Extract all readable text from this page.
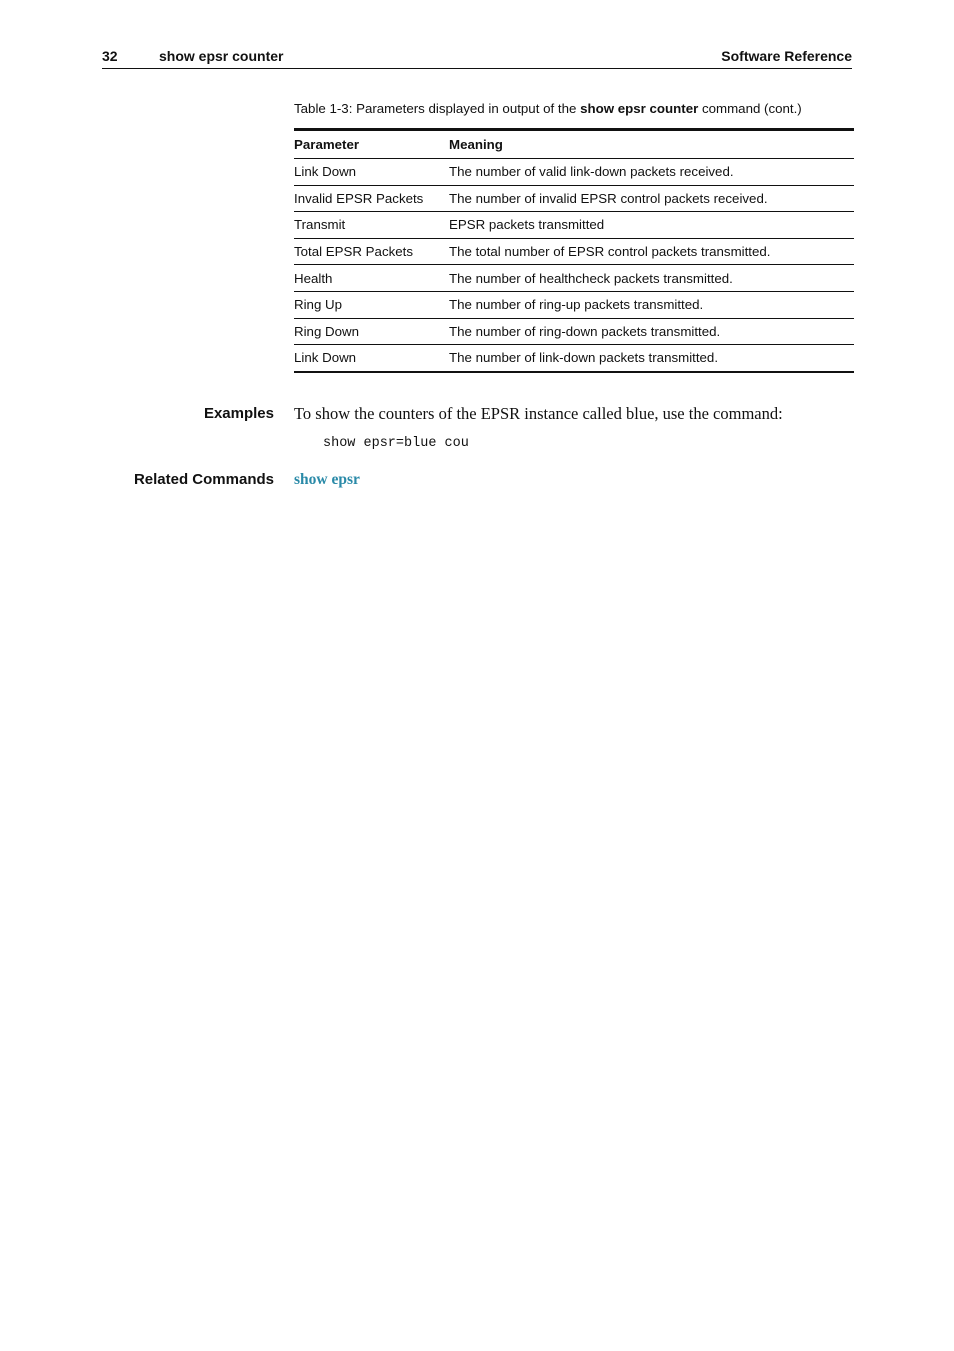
32	show epsr counter	Software Reference
Table 1-3: Parameters displayed in output of the show epsr counter command (cont.)
Parameter	Meaning
Link Down	The number of valid link-down packets received.
Invalid EPSR Packets	The number of invalid EPSR control packets received.
Transmit	EPSR packets transmitted
Total EPSR Packets	The total number of EPSR control packets transmitted.
Health	The number of healthcheck packets transmitted.
Ring Up	The number of ring-up packets transmitted.
Ring Down	The number of ring-down packets transmitted.
Link Down	The number of link-down packets transmitted.
Examples To show the counters of the EPSR instance called blue, use the command:
show epsr=blue cou
Related Commands show epsr
